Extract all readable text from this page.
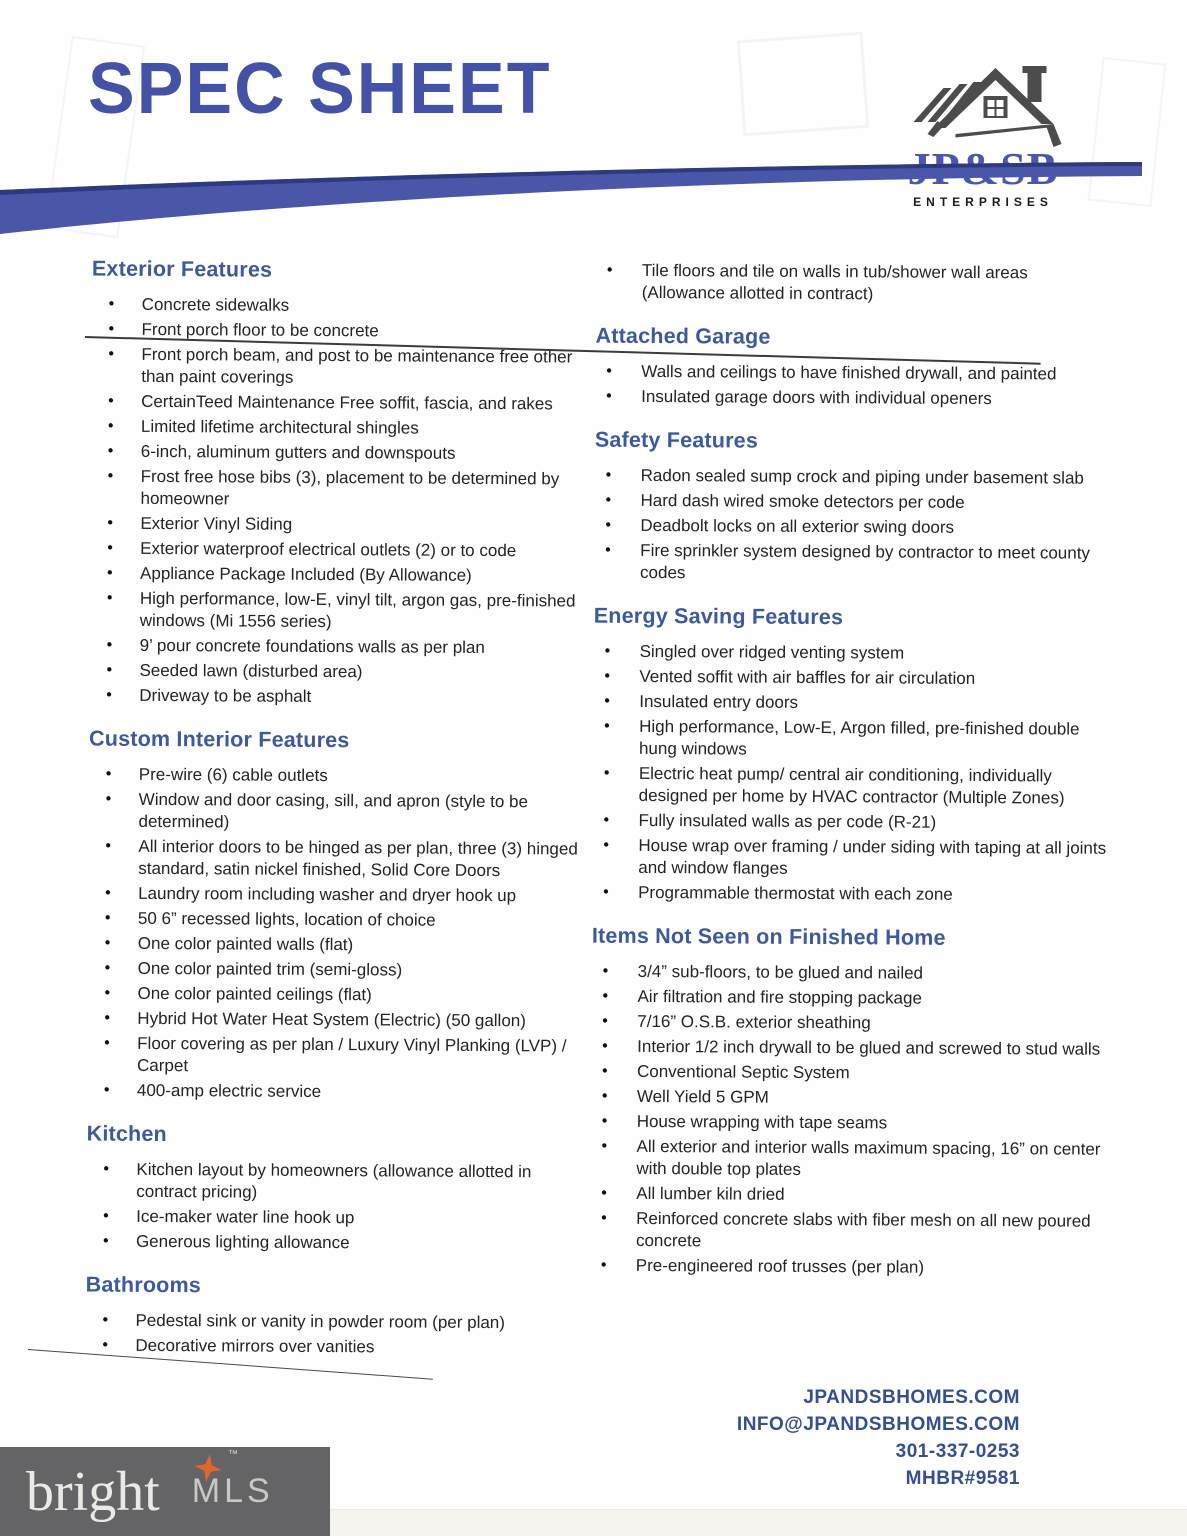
SPEC SHEET
ENTERPRISES
Exterior Features
• Concrete sidewalks
• Front porch floor to be concrete
• Front porch beam, and post to be maintenance free other than paint coverings
• CertainTeed Maintenance Free soffit, fascia, and rakes
• Limited lifetime architectural shingles
• 6-inch, aluminum gutters and downspouts
• Frost free hose bibs (3), placement to be determined by homeowner
• Exterior Vinyl Siding
• Exterior waterproof electrical outlets (2) or to code
• Appliance Package Included (By Allowance)
• High performance, low-E, vinyl tilt, argon gas, pre-finished windows (Mi 1556 series)
• 9’ pour concrete foundations walls as per plan
• Seeded lawn (disturbed area)
• Driveway to be asphalt
Custom Interior Features
• Pre-wire (6) cable outlets
• Window and door casing, sill, and apron (style to be determined)
• All interior doors to be hinged as per plan, three (3) hinged standard, satin nickel finished, Solid Core Doors
• Laundry room including washer and dryer hook up
• 50 6” recessed lights, location of choice
• One color painted walls (flat)
• One color painted trim (semi-gloss)
• One color painted ceilings (flat)
• Hybrid Hot Water Heat System (Electric) (50 gallon)
• Floor covering as per plan / Luxury Vinyl Planking (LVP) / Carpet
• 400-amp electric service
Kitchen
• Kitchen layout by homeowners (allowance allotted in contract pricing)
• Ice-maker water line hook up
• Generous lighting allowance
Bathrooms
• Pedestal sink or vanity in powder room (per plan)
• Decorative mirrors over vanities
• Tile floors and tile on walls in tub/shower wall areas (Allowance allotted in contract)
Attached Garage
• Walls and ceilings to have finished drywall, and painted
• Insulated garage doors with individual openers
Safety Features
• Radon sealed sump crock and piping under basement slab
• Hard dash wired smoke detectors per code
• Deadbolt locks on all exterior swing doors
• Fire sprinkler system designed by contractor to meet county codes
Energy Saving Features
• Singled over ridged venting system
• Vented soffit with air baffles for air circulation
• Insulated entry doors
• High performance, Low-E, Argon filled, pre-finished double hung windows
• Electric heat pump/ central air conditioning, individually designed per home by HVAC contractor (Multiple Zones)
• Fully insulated walls as per code (R-21)
• House wrap over framing / under siding with taping at all joints and window flanges
• Programmable thermostat with each zone
Items Not Seen on Finished Home
• 3/4” sub-floors, to be glued and nailed
• Air filtration and fire stopping package
• 7/16” O.S.B. exterior sheathing
• Interior 1/2 inch drywall to be glued and screwed to stud walls
• Conventional Septic System
• Well Yield 5 GPM
• House wrapping with tape seams
• All exterior and interior walls maximum spacing, 16” on center with double top plates
• All lumber kiln dried
• Reinforced concrete slabs with fiber mesh on all new poured concrete
• Pre-engineered roof trusses (per plan)
JPANDSBHOMES.COM
INFO@JPANDSBHOMES.COM
301-337-0253
MHBR#9581
bright
™
MLS
